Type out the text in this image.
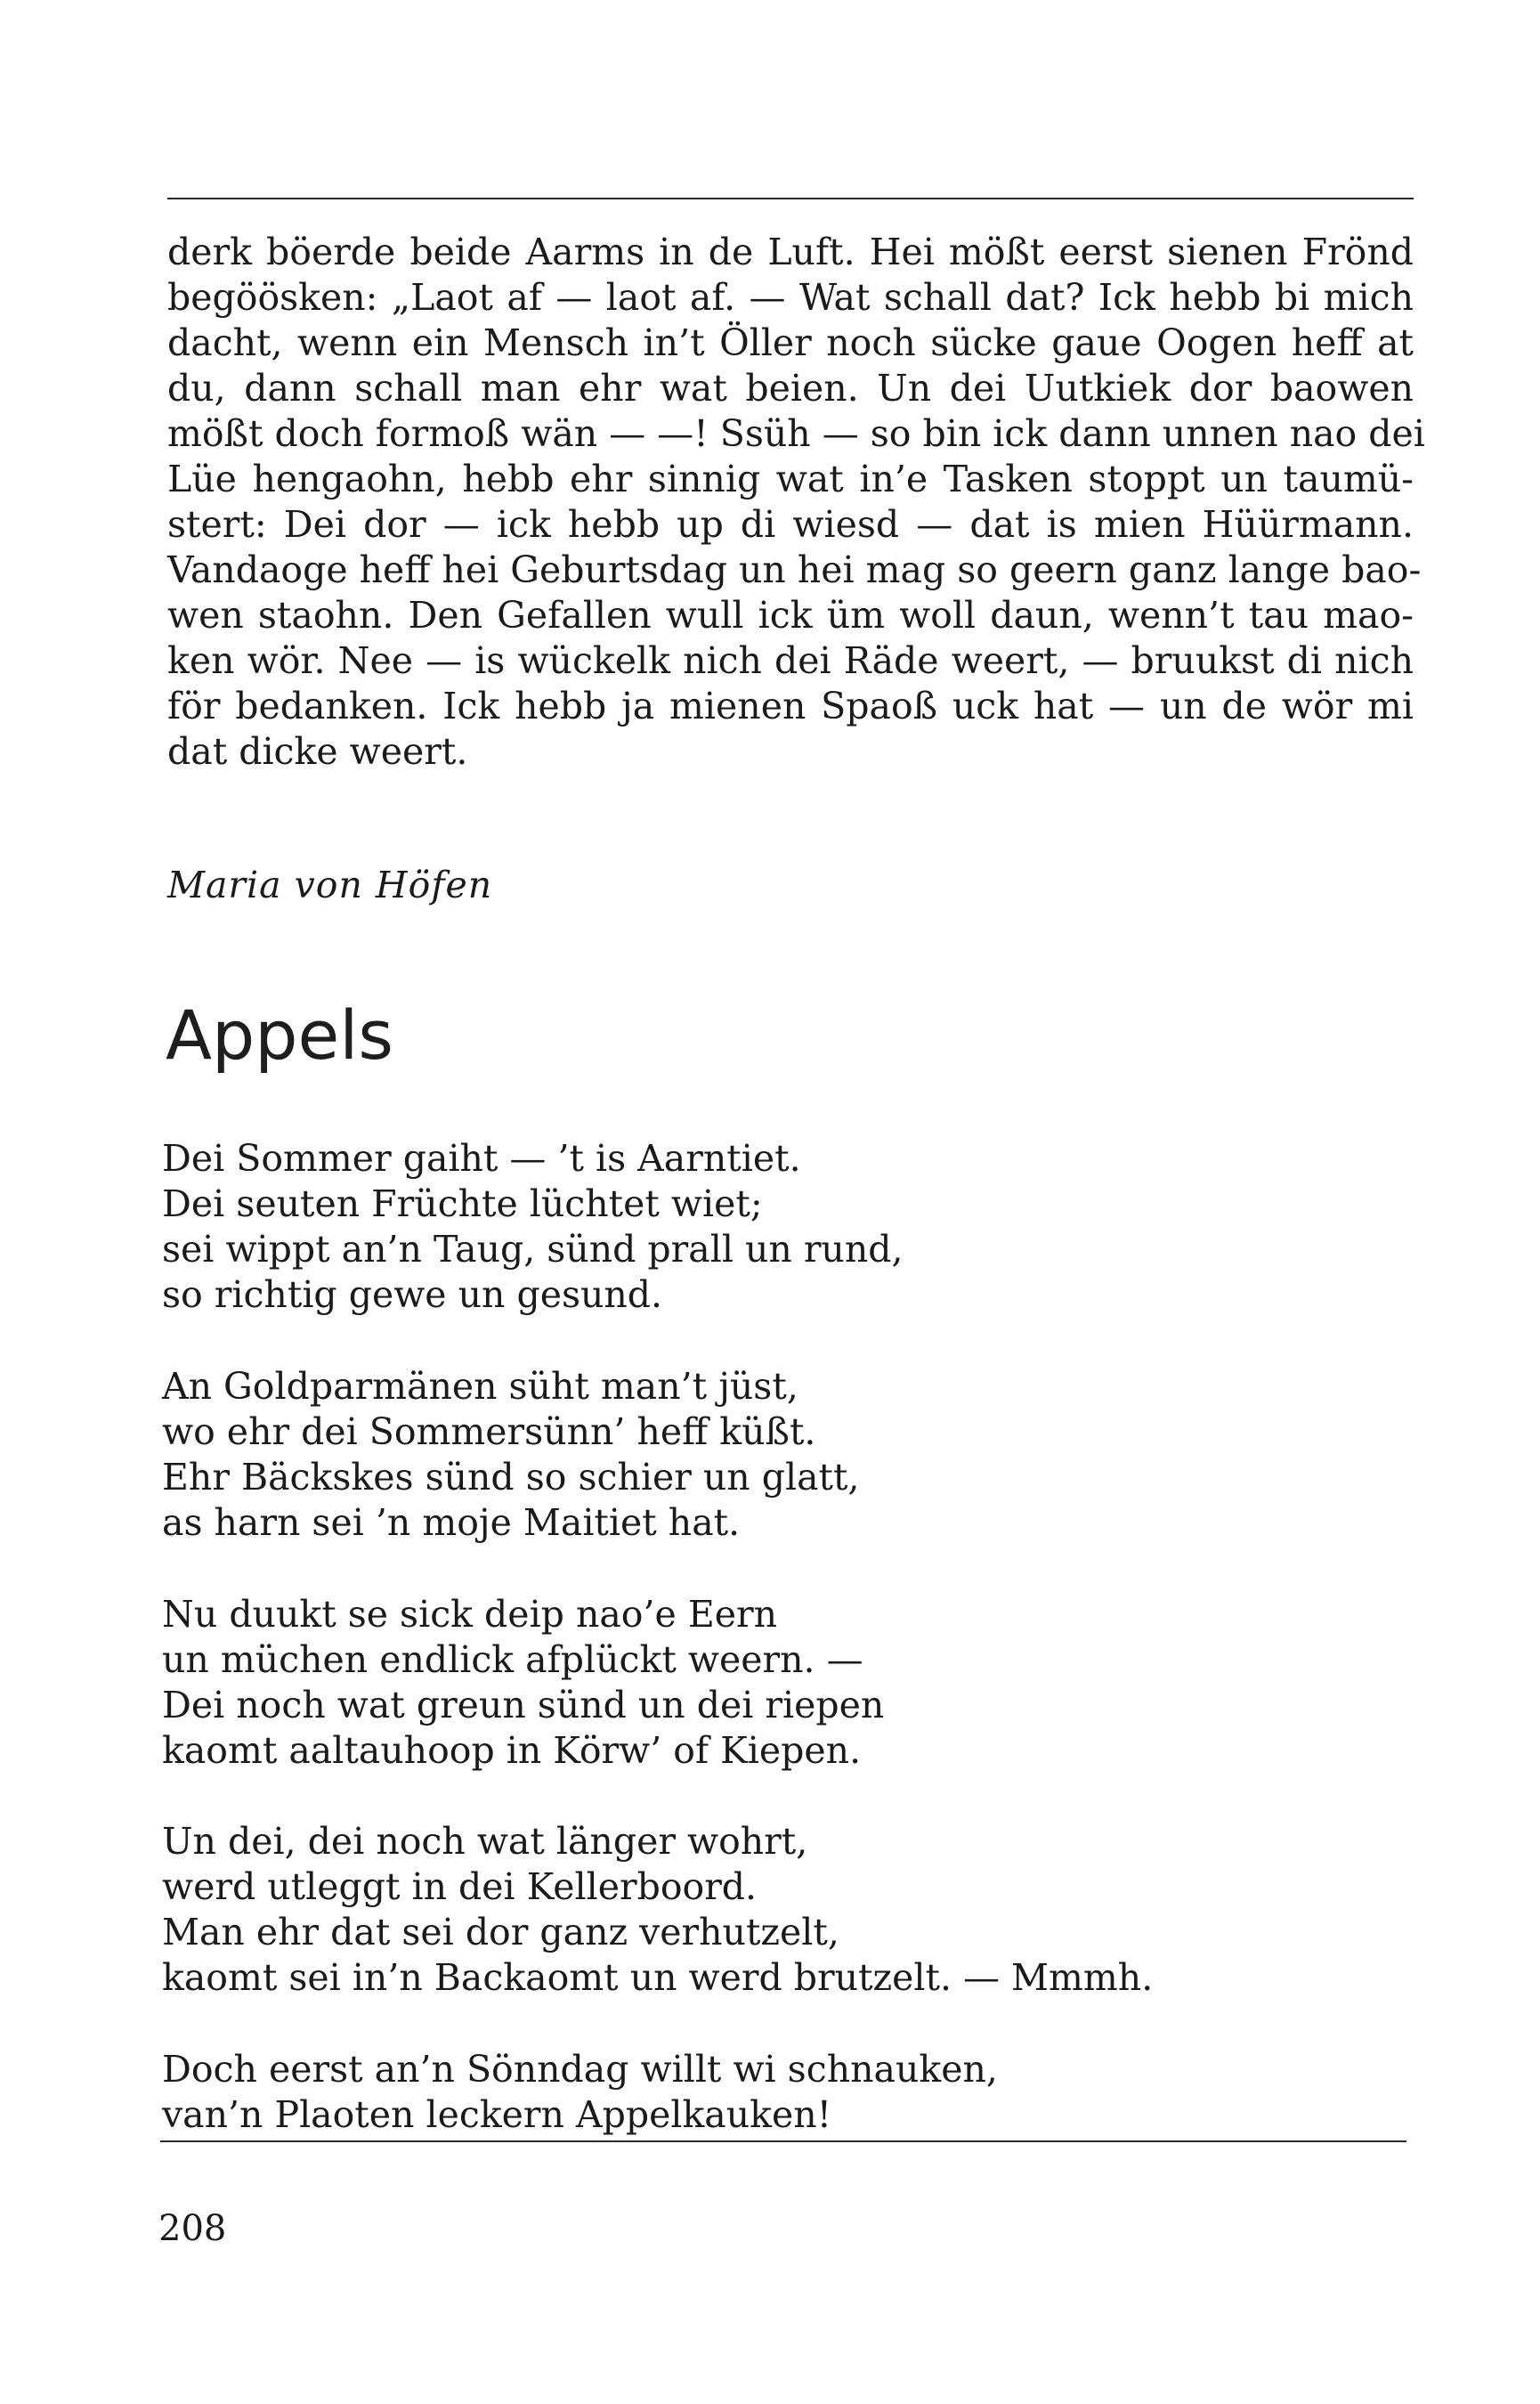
derk böerde beide Aarms in de Luft. Hei mößt eerst sienen Frönd
begöösken: „Laot af — laot af. — Wat schall dat? Ick hebb bi mich
dacht, wenn ein Mensch in’t Öller noch sücke gaue Oogen heff at
du, dann schall man ehr wat beien. Un dei Uutkiek dor baowen
mößt doch formoß wän — —! Ssüh — so bin ick dann unnen nao dei
Lüe hengaohn, hebb ehr sinnig wat in’e Tasken stoppt un taumü-
stert: Dei dor — ick hebb up di wiesd — dat is mien Hüürmann.
Vandaoge heff hei Geburtsdag un hei mag so geern ganz lange bao-
wen staohn. Den Gefallen wull ick üm woll daun, wenn’t tau mao-
ken wör. Nee — is wückelk nich dei Räde weert, — bruukst di nich
för bedanken. Ick hebb ja mienen Spaoß uck hat — un de wör mi
dat dicke weert.

Maria von Höfen

Appels
Dei Sommer gaiht — ’t is Aarntiet.
Dei seuten Früchte lüchtet wiet;
sei wippt an’n Taug, sünd prall un rund,
so richtig gewe un gesund.
An Goldparmänen süht man’t jüst,
wo ehr dei Sommersünn’ heff küßt.
Ehr Bäckskes sünd so schier un glatt,
as harn sei ’n moje Maitiet hat.
Nu duukt se sick deip nao’e Eern
un müchen endlick afplückt weern. —
Dei noch wat greun sünd un dei riepen
kaomt aaltauhoop in Körw’ of Kiepen.
Un dei, dei noch wat länger wohrt,
werd utleggt in dei Kellerboord.
Man ehr dat sei dor ganz verhutzelt,
kaomt sei in’n Backaomt un werd brutzelt. — Mmmh.
Doch eerst an’n Sönndag willt wi schnauken,
van’n Plaoten leckern Appelkauken!

208
